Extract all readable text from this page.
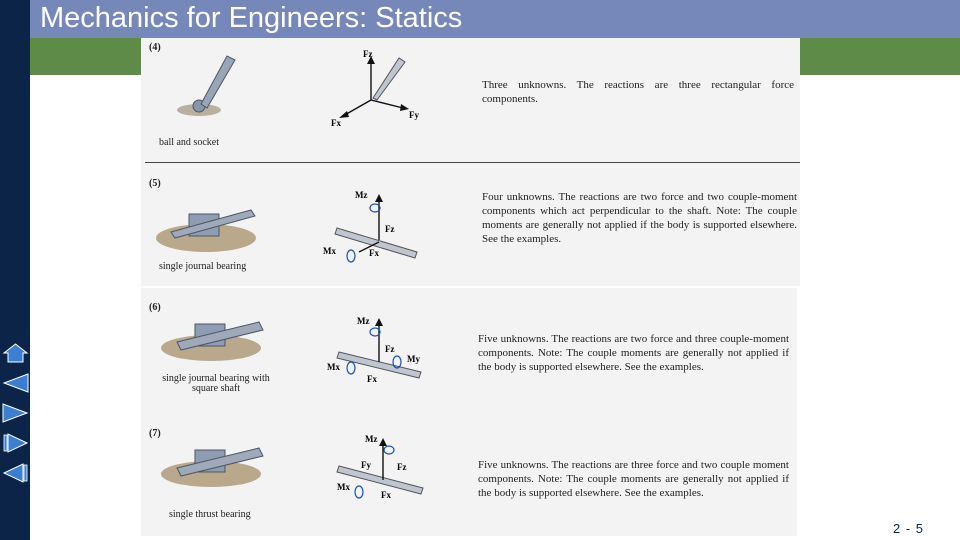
Mechanics for Engineers: Statics
(4)
Fz
Fx
Fy
ball and socket
Three unknowns. The reactions are three rectangular force components.
(5)
Mz
Fz
Mx	Fx
single journal bearing
Four unknowns. The reactions are two force and two couple-moment components which act perpendicular to the shaft. Note: The couple moments are generally not applied if the body is supported elsewhere. See the examples.
(6)
Mz
Fz
My
Mx
Fx
single journal bearing with square shaft
Five unknowns. The reactions are two force and three couple-moment components. Note: The couple moments are generally not applied if the body is supported elsewhere. See the examples.
(7)	Mz
Fy	Fz
Mx
Fx
single thrust bearing
Five unknowns. The reactions are three force and two couple moment components. Note: The couple moments are generally not applied if the body is supported elsewhere. See the examples.
2 - 5
